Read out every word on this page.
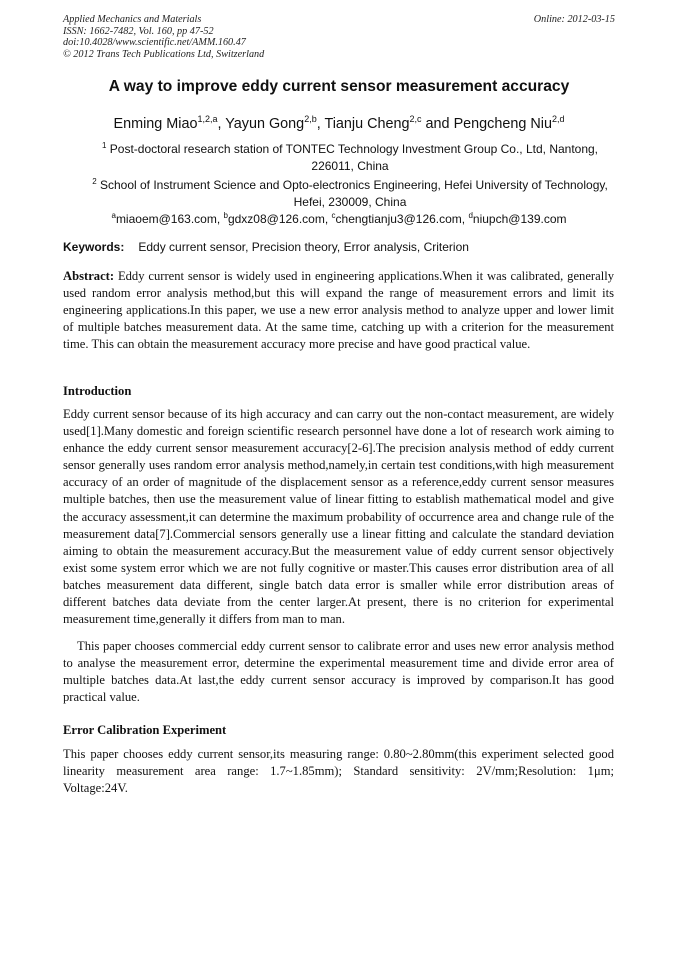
Applied Mechanics and Materials
ISSN: 1662-7482, Vol. 160, pp 47-52
doi:10.4028/www.scientific.net/AMM.160.47
© 2012 Trans Tech Publications Ltd, Switzerland
Online: 2012-03-15
A way to improve eddy current sensor measurement accuracy
Enming Miao$^{1,2,a}$, Yayun Gong$^{2,b}$, Tianju Cheng$^{2,c}$ and Pengcheng Niu$^{2,d}$
$^1$ Post-doctoral research station of TONTEC Technology Investment Group Co., Ltd, Nantong, 226011, China
$^2$ School of Instrument Science and Opto-electronics Engineering, Hefei University of Technology, Hefei, 230009, China
$^a$miaoem@163.com, $^b$gdxz08@126.com, $^c$chengtianju3@126.com, $^d$niupch@139.com
Keywords: Eddy current sensor, Precision theory, Error analysis, Criterion
Abstract: Eddy current sensor is widely used in engineering applications.When it was calibrated, generally used random error analysis method,but this will expand the range of measurement errors and limit its engineering applications.In this paper, we use a new error analysis method to analyze upper and lower limit of multiple batches measurement data. At the same time, catching up with a criterion for the measurement time. This can obtain the measurement accuracy more precise and have good practical value.
Introduction
Eddy current sensor because of its high accuracy and can carry out the non-contact measurement, are widely used[1].Many domestic and foreign scientific research personnel have done a lot of research work aiming to enhance the eddy current sensor measurement accuracy[2-6].The precision analysis method of eddy current sensor generally uses random error analysis method,namely,in certain test conditions,with high measurement accuracy of an order of magnitude of the displacement sensor as a reference,eddy current sensor measures multiple batches, then use the measurement value of linear fitting to establish mathematical model and give the accuracy assessment,it can determine the maximum probability of occurrence area and change rule of the measurement data[7].Commercial sensors generally use a linear fitting and calculate the standard deviation aiming to obtain the measurement accuracy.But the measurement value of eddy current sensor objectively exist some system error which we are not fully cognitive or master.This causes error distribution area of all batches measurement data different, single batch data error is smaller while error distribution areas of different batches data deviate from the center larger.At present, there is no criterion for experimental measurement time,generally it differs from man to man.
This paper chooses commercial eddy current sensor to calibrate error and uses new error analysis method to analyse the measurement error, determine the experimental measurement time and divide error area of multiple batches data.At last,the eddy current sensor accuracy is improved by comparison.It has good practical value.
Error Calibration Experiment
This paper chooses eddy current sensor,its measuring range: 0.80~2.80mm(this experiment selected good linearity measurement area range: 1.7~1.85mm); Standard sensitivity: 2V/mm;Resolution: 1μm; Voltage:24V.
